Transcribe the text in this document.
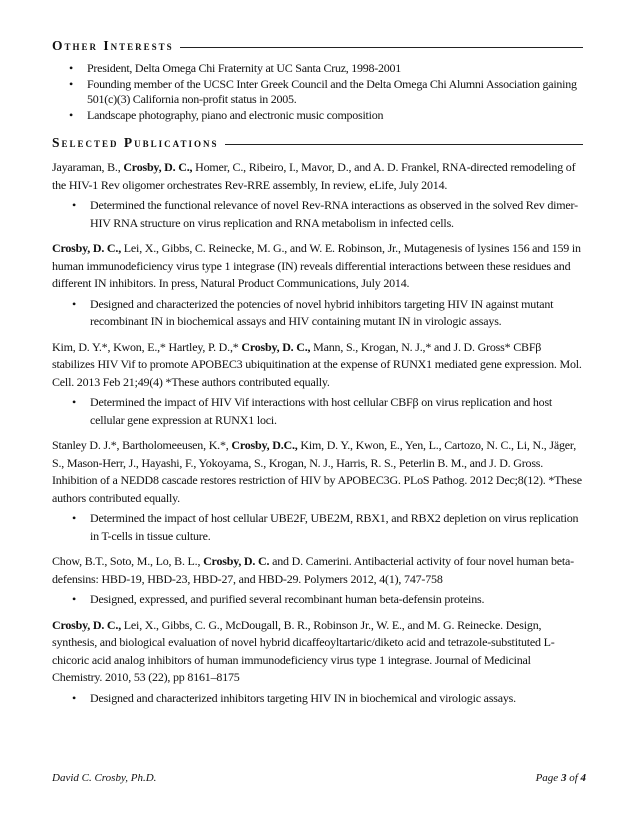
Other Interests
• President, Delta Omega Chi Fraternity at UC Santa Cruz, 1998-2001
• Founding member of the UCSC Inter Greek Council and the Delta Omega Chi Alumni Association gaining 501(c)(3) California non-profit status in 2005.
• Landscape photography, piano and electronic music composition
Selected Publications

Jayaraman, B., Crosby, D. C., Homer, C., Ribeiro, I., Mavor, D., and A. D. Frankel, RNA-directed remodeling of the HIV-1 Rev oligomer orchestrates Rev-RRE assembly, In review, eLife, July 2014.

• Determined the functional relevance of novel Rev-RNA interactions as observed in the solved Rev dimer-HIV RNA structure on virus replication and RNA metabolism in infected cells.

Crosby, D. C., Lei, X., Gibbs, C. Reinecke, M. G., and W. E. Robinson, Jr., Mutagenesis of lysines 156 and 159 in human immunodeficiency virus type 1 integrase (IN) reveals differential interactions between these residues and different IN inhibitors. In press, Natural Product Communications, July 2014.

• Designed and characterized the potencies of novel hybrid inhibitors targeting HIV IN against mutant recombinant IN in biochemical assays and HIV containing mutant IN in virologic assays.

Kim, D. Y.*, Kwon, E.,* Hartley, P. D.,* Crosby, D. C., Mann, S., Krogan, N. J.,* and J. D. Gross* CBFβ stabilizes HIV Vif to promote APOBEC3 ubiquitination at the expense of RUNX1 mediated gene expression. Mol. Cell. 2013 Feb 21;49(4) *These authors contributed equally.

• Determined the impact of HIV Vif interactions with host cellular CBFβ on virus replication and host cellular gene expression at RUNX1 loci.

Stanley D. J.*, Bartholomeeusen, K.*, Crosby, D.C., Kim, D. Y., Kwon, E., Yen, L., Cartozo, N. C., Li, N., Jäger, S., Mason-Herr, J., Hayashi, F., Yokoyama, S., Krogan, N. J., Harris, R. S., Peterlin B. M., and J. D. Gross. Inhibition of a NEDD8 cascade restores restriction of HIV by APOBEC3G. PLoS Pathog. 2012 Dec;8(12). *These authors contributed equally.

• Determined the impact of host cellular UBE2F, UBE2M, RBX1, and RBX2 depletion on virus replication in T-cells in tissue culture.

Chow, B.T., Soto, M., Lo, B. L., Crosby, D. C. and D. Camerini. Antibacterial activity of four novel human beta-defensins: HBD-19, HBD-23, HBD-27, and HBD-29. Polymers 2012, 4(1), 747-758

• Designed, expressed, and purified several recombinant human beta-defensin proteins.

Crosby, D. C., Lei, X., Gibbs, C. G., McDougall, B. R., Robinson Jr., W. E., and M. G. Reinecke. Design, synthesis, and biological evaluation of novel hybrid dicaffeoyltartaric/diketo acid and tetrazole-substituted L-chicoric acid analog inhibitors of human immunodeficiency virus type 1 integrase. Journal of Medicinal Chemistry. 2010, 53 (22), pp 8161–8175

• Designed and characterized inhibitors targeting HIV IN in biochemical and virologic assays.
David C. Crosby, Ph.D.	Page 3 of 4
